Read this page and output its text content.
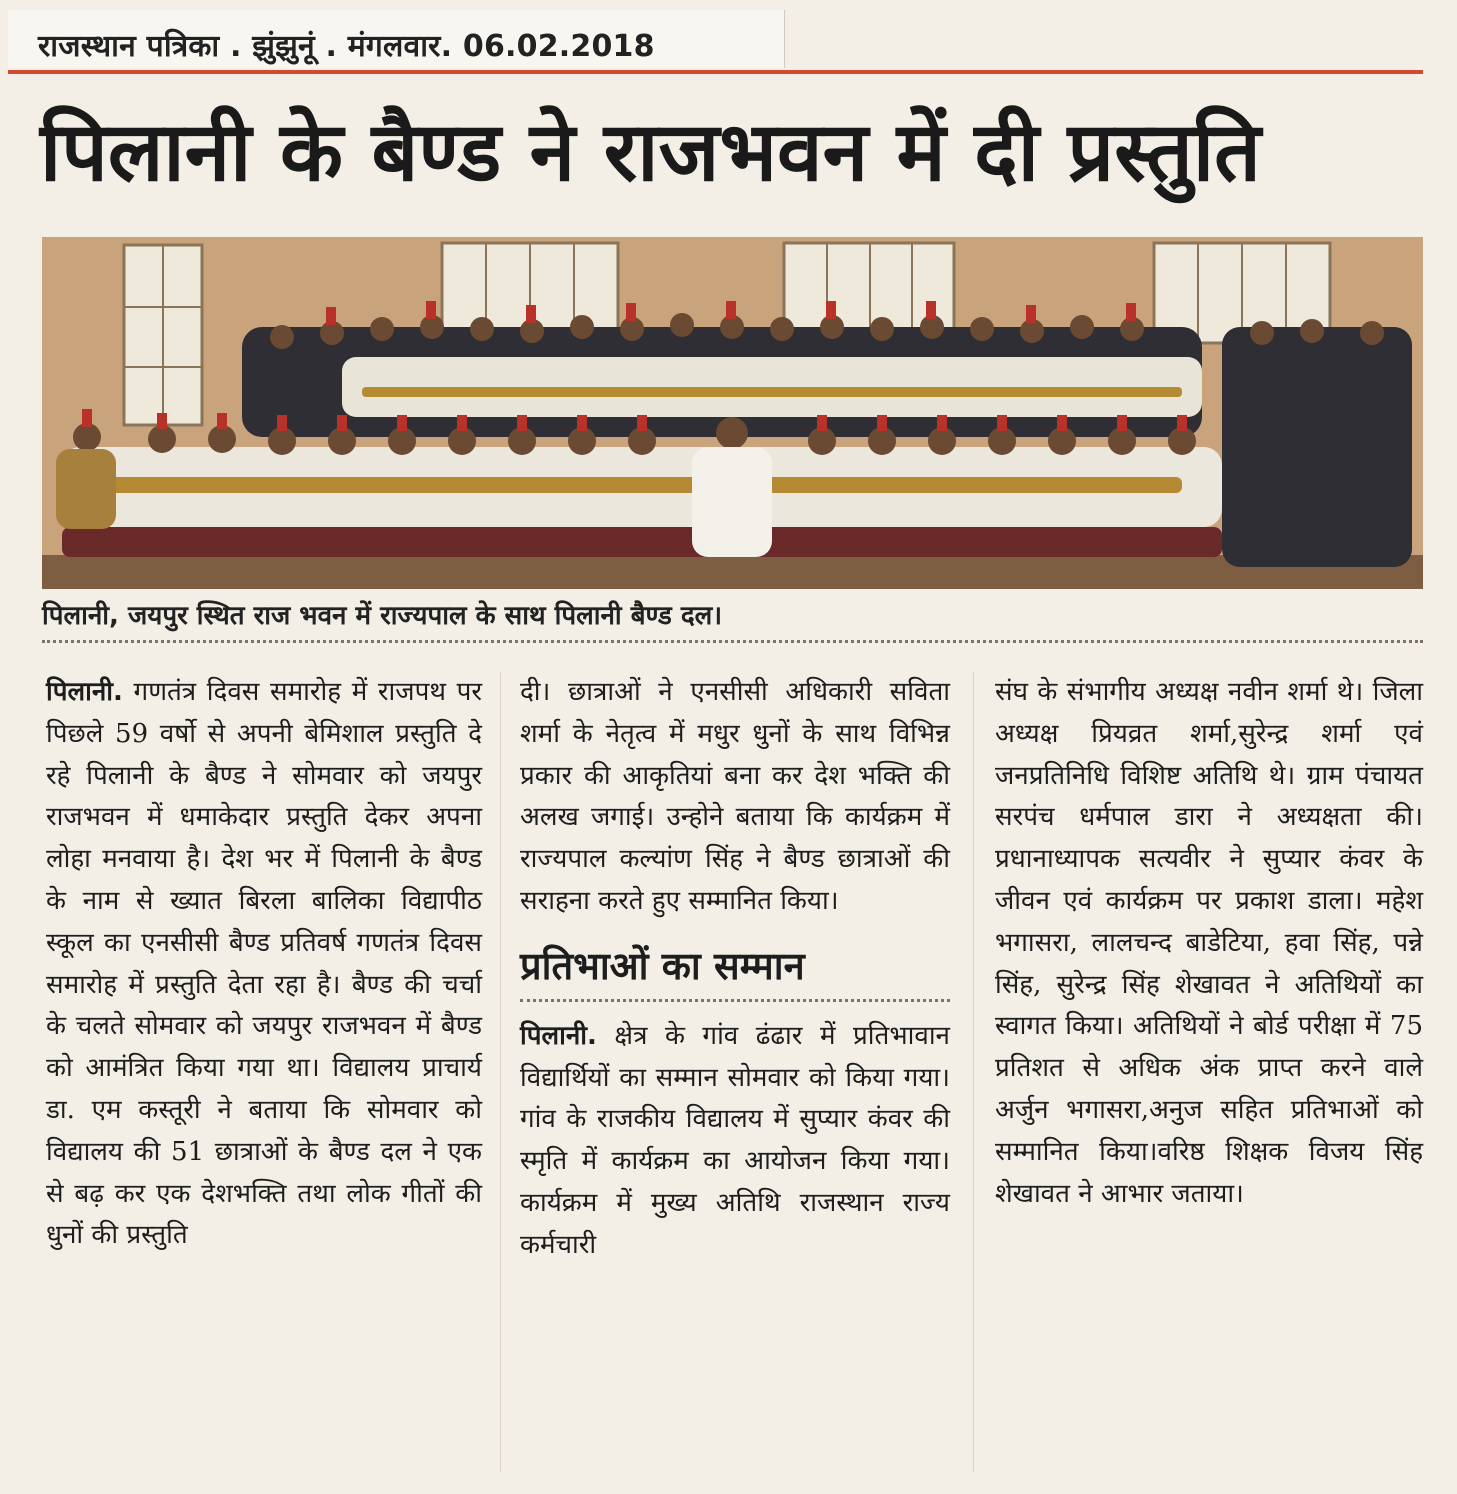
राजस्थान पत्रिका . झुंझुनूं . मंगलवार. 06.02.2018
पिलानी के बैण्ड ने राजभवन में दी प्रस्तुति
पिलानी, जयपुर स्थित राज भवन में राज्यपाल के साथ पिलानी बैण्ड दल।

पिलानी. गणतंत्र दिवस समारोह में राजपथ पर पिछले 59 वर्षो से अपनी बेमिशाल प्रस्तुति दे रहे पिलानी के बैण्ड ने सोमवार को जयपुर राजभवन में धमाकेदार प्रस्तुति देकर अपना लोहा मनवाया है। देश भर में पिलानी के बैण्ड के नाम से ख्यात बिरला बालिका विद्यापीठ स्कूल का एनसीसी बैण्ड प्रतिवर्ष गणतंत्र दिवस समारोह में प्रस्तुति देता रहा है। बैण्ड की चर्चा के चलते सोमवार को जयपुर राजभवन में बैण्ड को आमंत्रित किया गया था। विद्यालय प्राचार्य डा. एम कस्तूरी ने बताया कि सोमवार को विद्यालय की 51 छात्राओं के बैण्ड दल ने एक से बढ़ कर एक देशभक्ति तथा लोक गीतों की धुनों की प्रस्तुति

दी। छात्राओं ने एनसीसी अधिकारी सविता शर्मा के नेतृत्व में मधुर धुनों के साथ विभिन्न प्रकार की आकृतियां बना कर देश भक्ति की अलख जगाई। उन्होने बताया कि कार्यक्रम में राज्यपाल कल्यांण सिंह ने बैण्ड छात्राओं की सराहना करते हुए सम्मानित किया।

प्रतिभाओं का सम्मान

पिलानी. क्षेत्र के गांव ढंढार में प्रतिभावान विद्यार्थियों का सम्मान सोमवार को किया गया। गांव के राजकीय विद्यालय में सुप्यार कंवर की स्मृति में कार्यक्रम का आयोजन किया गया। कार्यक्रम में मुख्य अतिथि राजस्थान राज्य कर्मचारी

संघ के संभागीय अध्यक्ष नवीन शर्मा थे। जिला अध्यक्ष प्रियव्रत शर्मा,सुरेन्द्र शर्मा एवं जनप्रतिनिधि विशिष्ट अतिथि थे। ग्राम पंचायत सरपंच धर्मपाल डारा ने अध्यक्षता की। प्रधानाध्यापक सत्यवीर ने सुप्यार कंवर के जीवन एवं कार्यक्रम पर प्रकाश डाला। महेश भगासरा, लालचन्द बाडेटिया, हवा सिंह, पन्ने सिंह, सुरेन्द्र सिंह शेखावत ने अतिथियों का स्वागत किया। अतिथियों ने बोर्ड परीक्षा में 75 प्रतिशत से अधिक अंक प्राप्त करने वाले अर्जुन भगासरा,अनुज सहित प्रतिभाओं को सम्मानित किया।वरिष्ठ शिक्षक विजय सिंह शेखावत ने आभार जताया।
